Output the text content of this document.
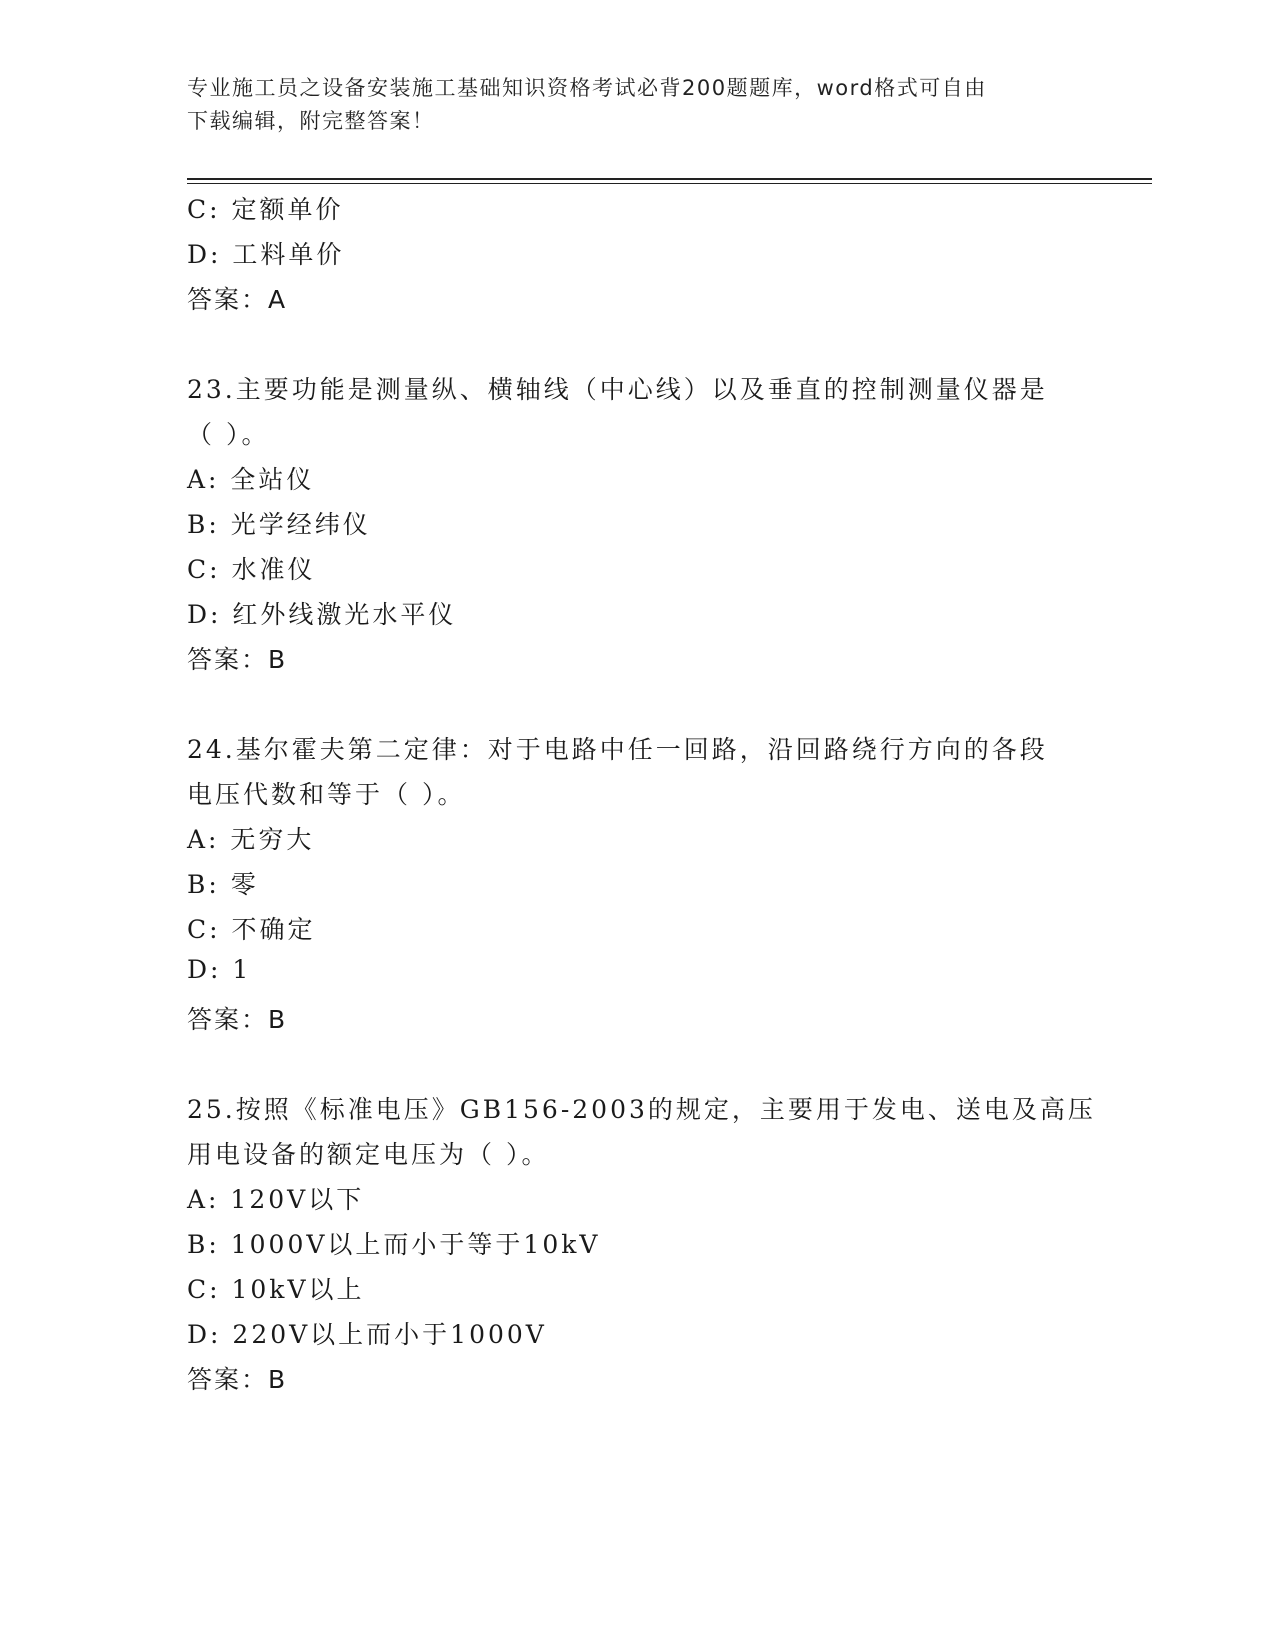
专业施工员之设备安装施工基础知识资格考试必背200题题库，word格式可自由
下载编辑，附完整答案！
C: 定额单价
D: 工料单价
答案：A
23.主要功能是测量纵、横轴线（中心线）以及垂直的控制测量仪器是
（ ）。
A: 全站仪
B: 光学经纬仪
C: 水准仪
D: 红外线激光水平仪
答案：B
24.基尔霍夫第二定律：对于电路中任一回路，沿回路绕行方向的各段
电压代数和等于（ ）。
A: 无穷大
B: 零
C: 不确定
D: 1
答案：B
25.按照《标准电压》GB156-2003的规定，主要用于发电、送电及高压
用电设备的额定电压为（ ）。
A: 120V以下
B: 1000V以上而小于等于10kV
C: 10kV以上
D: 220V以上而小于1000V
答案：B
